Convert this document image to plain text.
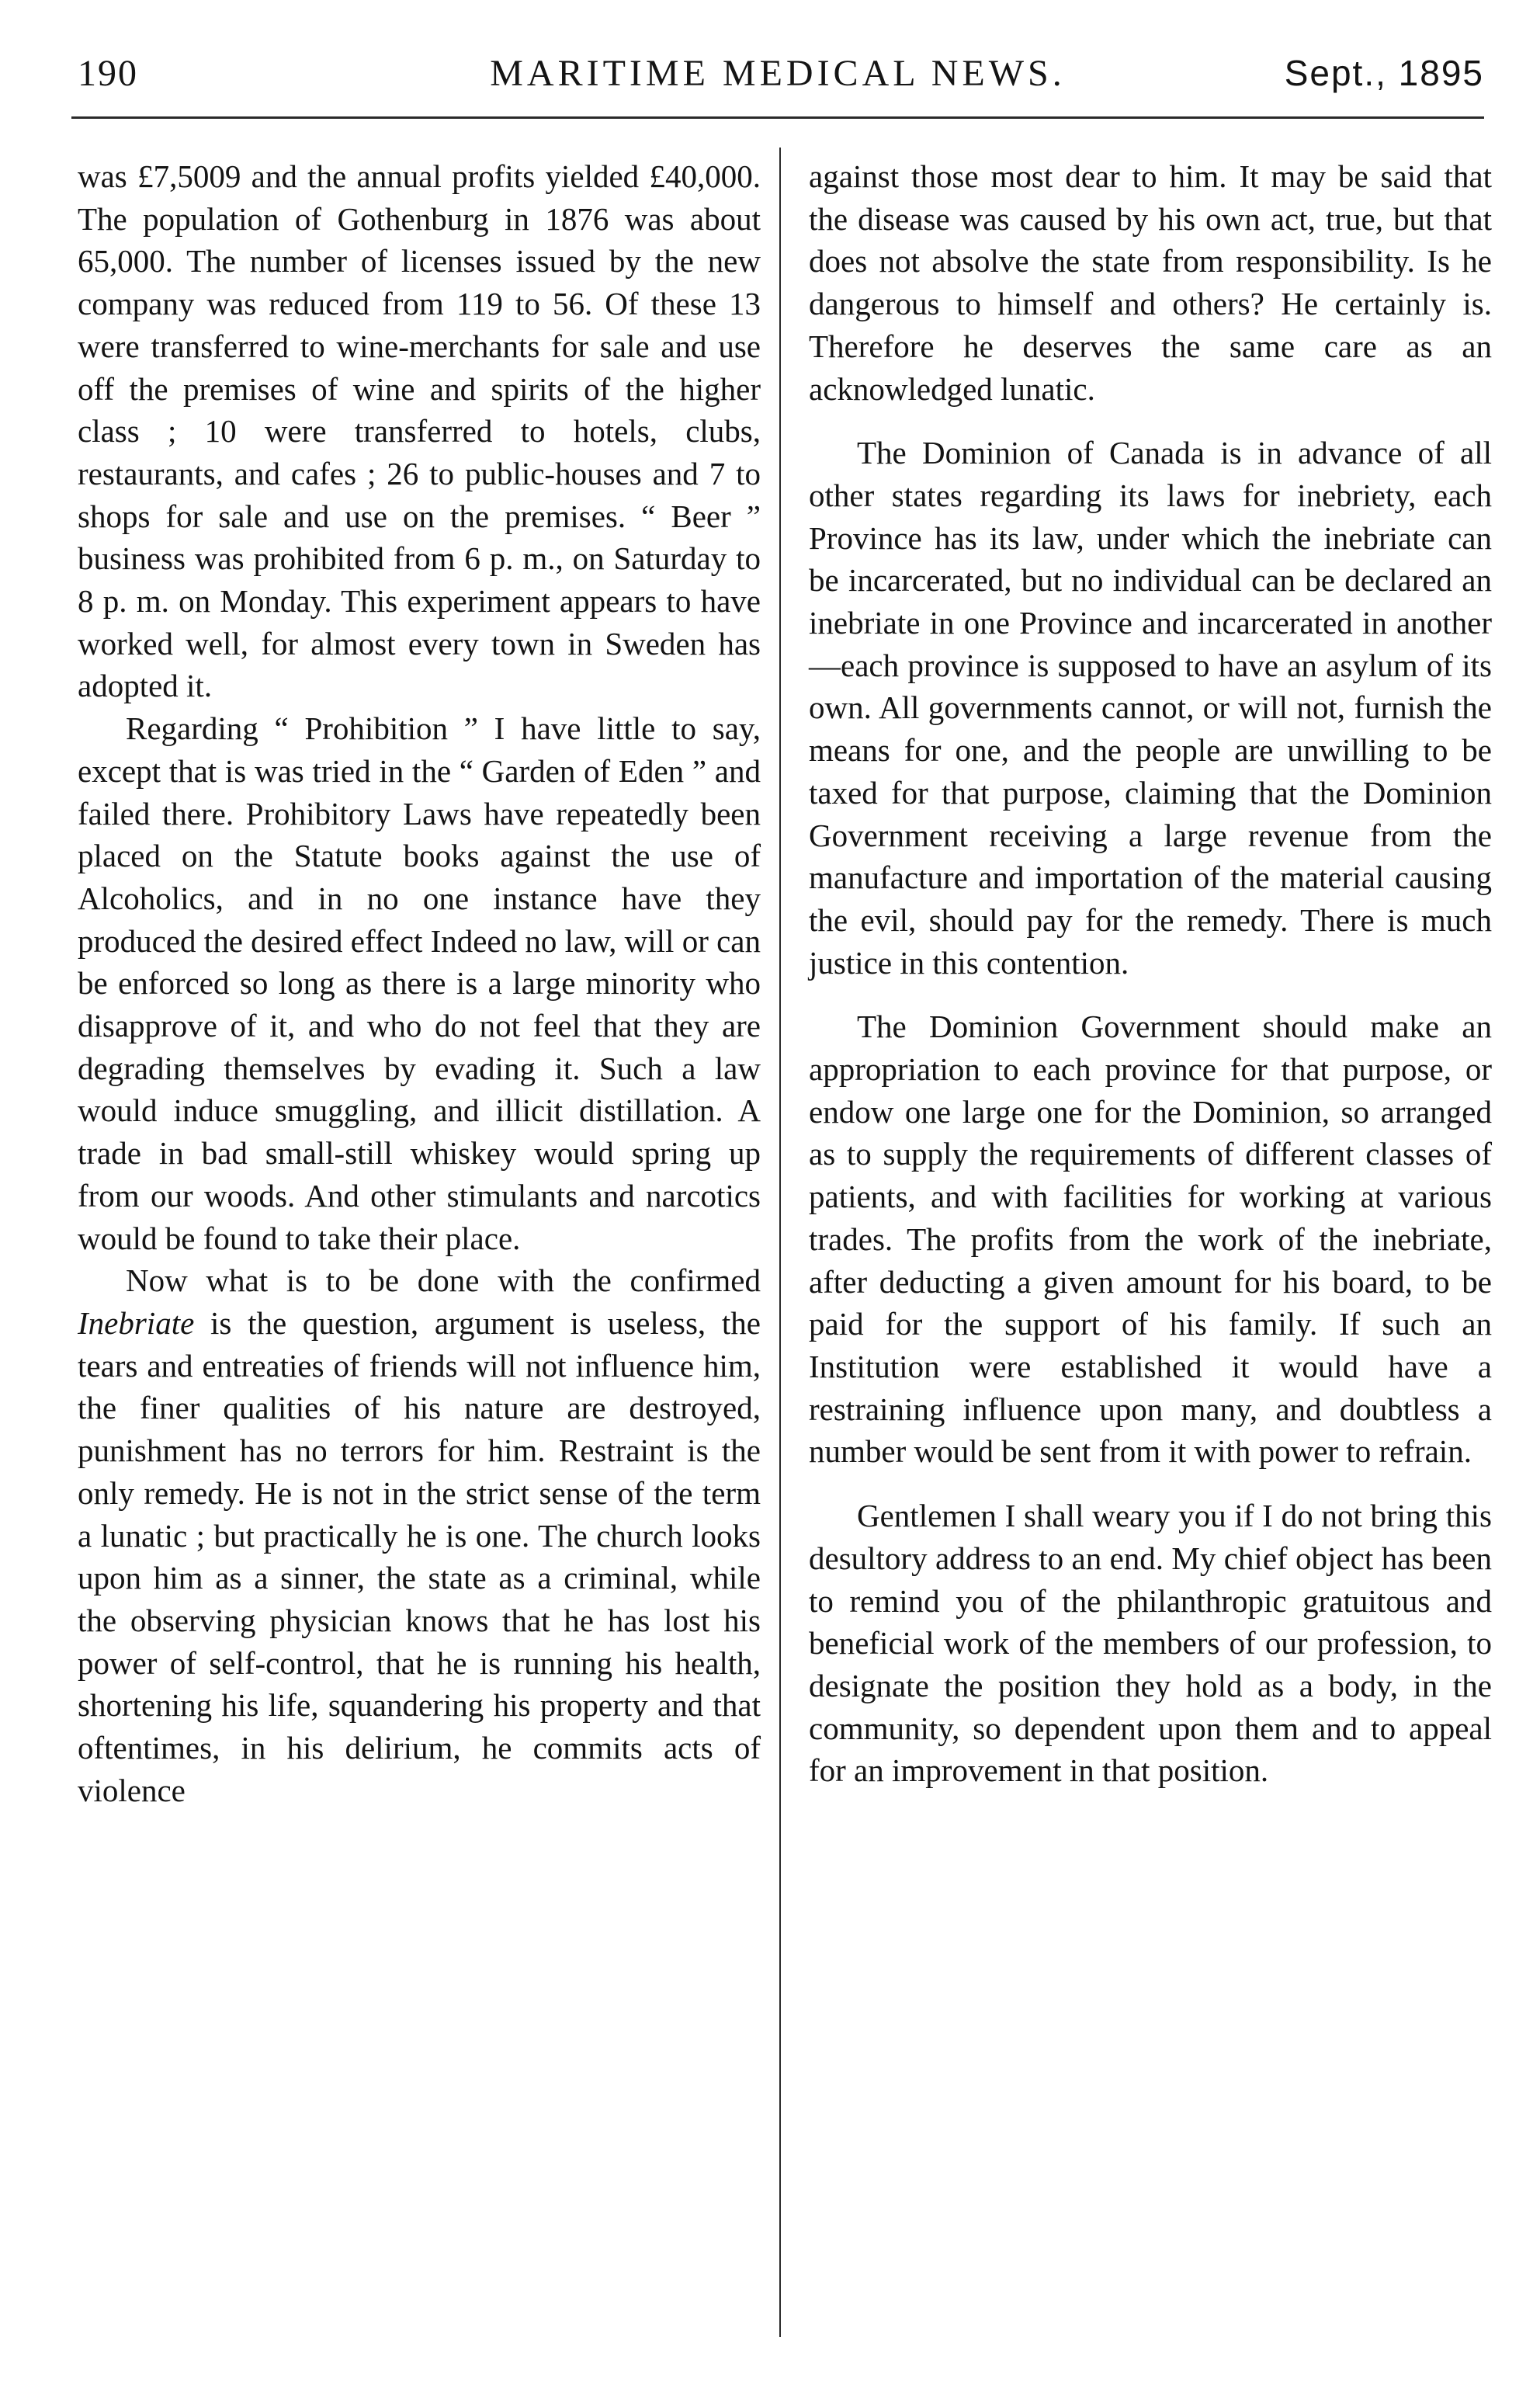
190	MARITIME MEDICAL NEWS.	Sept., 1895

was £7,5009 and the annual profits yielded £40,000. The population of Gothenburg in 1876 was about 65,000. The number of licenses issued by the new company was reduced from 119 to 56. Of these 13 were transferred to wine-merchants for sale and use off the premises of wine and spirits of the higher class ; 10 were transferred to hotels, clubs, restaurants, and cafes ; 26 to public-houses and 7 to shops for sale and use on the premises. “ Beer ” business was prohibited from 6 p. m., on Saturday to 8 p. m. on Monday. This experiment appears to have worked well, for almost every town in Sweden has adopted it.

Regarding “ Prohibition ” I have little to say, except that is was tried in the “ Garden of Eden ” and failed there. Prohibitory Laws have repeatedly been placed on the Statute books against the use of Alcoholics, and in no one instance have they produced the desired effect Indeed no law, will or can be enforced so long as there is a large minority who disapprove of it, and who do not feel that they are degrading themselves by evading it. Such a law would induce smuggling, and illicit distillation. A trade in bad small-still whiskey would spring up from our woods. And other stimulants and narcotics would be found to take their place.

Now what is to be done with the confirmed Inebriate is the question, argument is useless, the tears and entreaties of friends will not influence him, the finer qualities of his nature are destroyed, punishment has no terrors for him. Restraint is the only remedy. He is not in the strict sense of the term a lunatic ; but practically he is one. The church looks upon him as a sinner, the state as a criminal, while the observing physician knows that he has lost his power of self-control, that he is running his health, shortening his life, squandering his property and that oftentimes, in his delirium, he commits acts of violence

against those most dear to him. It may be said that the disease was caused by his own act, true, but that does not absolve the state from responsibility. Is he dangerous to himself and others? He certainly is. Therefore he deserves the same care as an acknowledged lunatic.

The Dominion of Canada is in advance of all other states regarding its laws for inebriety, each Province has its law, under which the inebriate can be incarcerated, but no individual can be declared an inebriate in one Province and incarcerated in another—each province is supposed to have an asylum of its own. All governments cannot, or will not, furnish the means for one, and the people are unwilling to be taxed for that purpose, claiming that the Dominion Government receiving a large revenue from the manufacture and importation of the material causing the evil, should pay for the remedy. There is much justice in this contention.

The Dominion Government should make an appropriation to each province for that purpose, or endow one large one for the Dominion, so arranged as to supply the requirements of different classes of patients, and with facilities for working at various trades. The profits from the work of the inebriate, after deducting a given amount for his board, to be paid for the support of his family. If such an Institution were established it would have a restraining influence upon many, and doubtless a number would be sent from it with power to refrain.

Gentlemen I shall weary you if I do not bring this desultory address to an end. My chief object has been to remind you of the philanthropic gratuitous and beneficial work of the members of our profession, to designate the position they hold as a body, in the community, so dependent upon them and to appeal for an improvement in that position.
